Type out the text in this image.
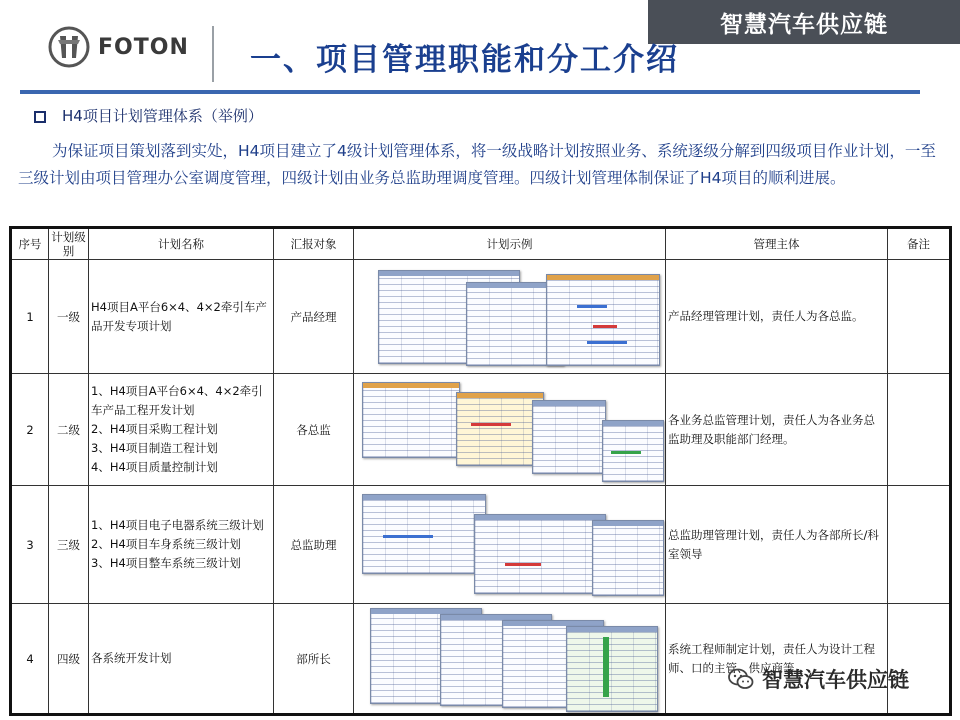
智慧汽车供应链
FOTON 一、项目管理职能和分工介绍
H4项目计划管理体系（举例）
为保证项目策划落到实处，H4项目建立了4级计划管理体系，将一级战略计划按照业务、系统逐级分解到四级项目作业计划，一至三级计划由项目管理办公室调度管理，四级计划由业务总监助理调度管理。四级计划管理体制保证了H4项目的顺利进展。
序号	计划级别	计划名称	汇报对象	计划示例	管理主体	备注
1	一级	H4项目A平台6×4、4×2牵引车产品开发专项计划	产品经理		产品经理管理计划，责任人为各总监。	
2	二级	1、H4项目A平台6×4、4×2牵引车产品工程开发计划
2、H4项目采购工程计划
3、H4项目制造工程计划
4、H4项目质量控制计划	各总监		各业务总监管理计划，责任人为各业务总监助理及职能部门经理。	
3	三级	1、H4项目电子电器系统三级计划
2、H4项目车身系统三级计划
3、H4项目整车系统三级计划	总监助理		总监助理管理计划，责任人为各部所长/科室领导	
4	四级	各系统开发计划	部所长		系统工程师制定计划，责任人为设计工程师、口的主管、供应商等	
智慧汽车供应链
